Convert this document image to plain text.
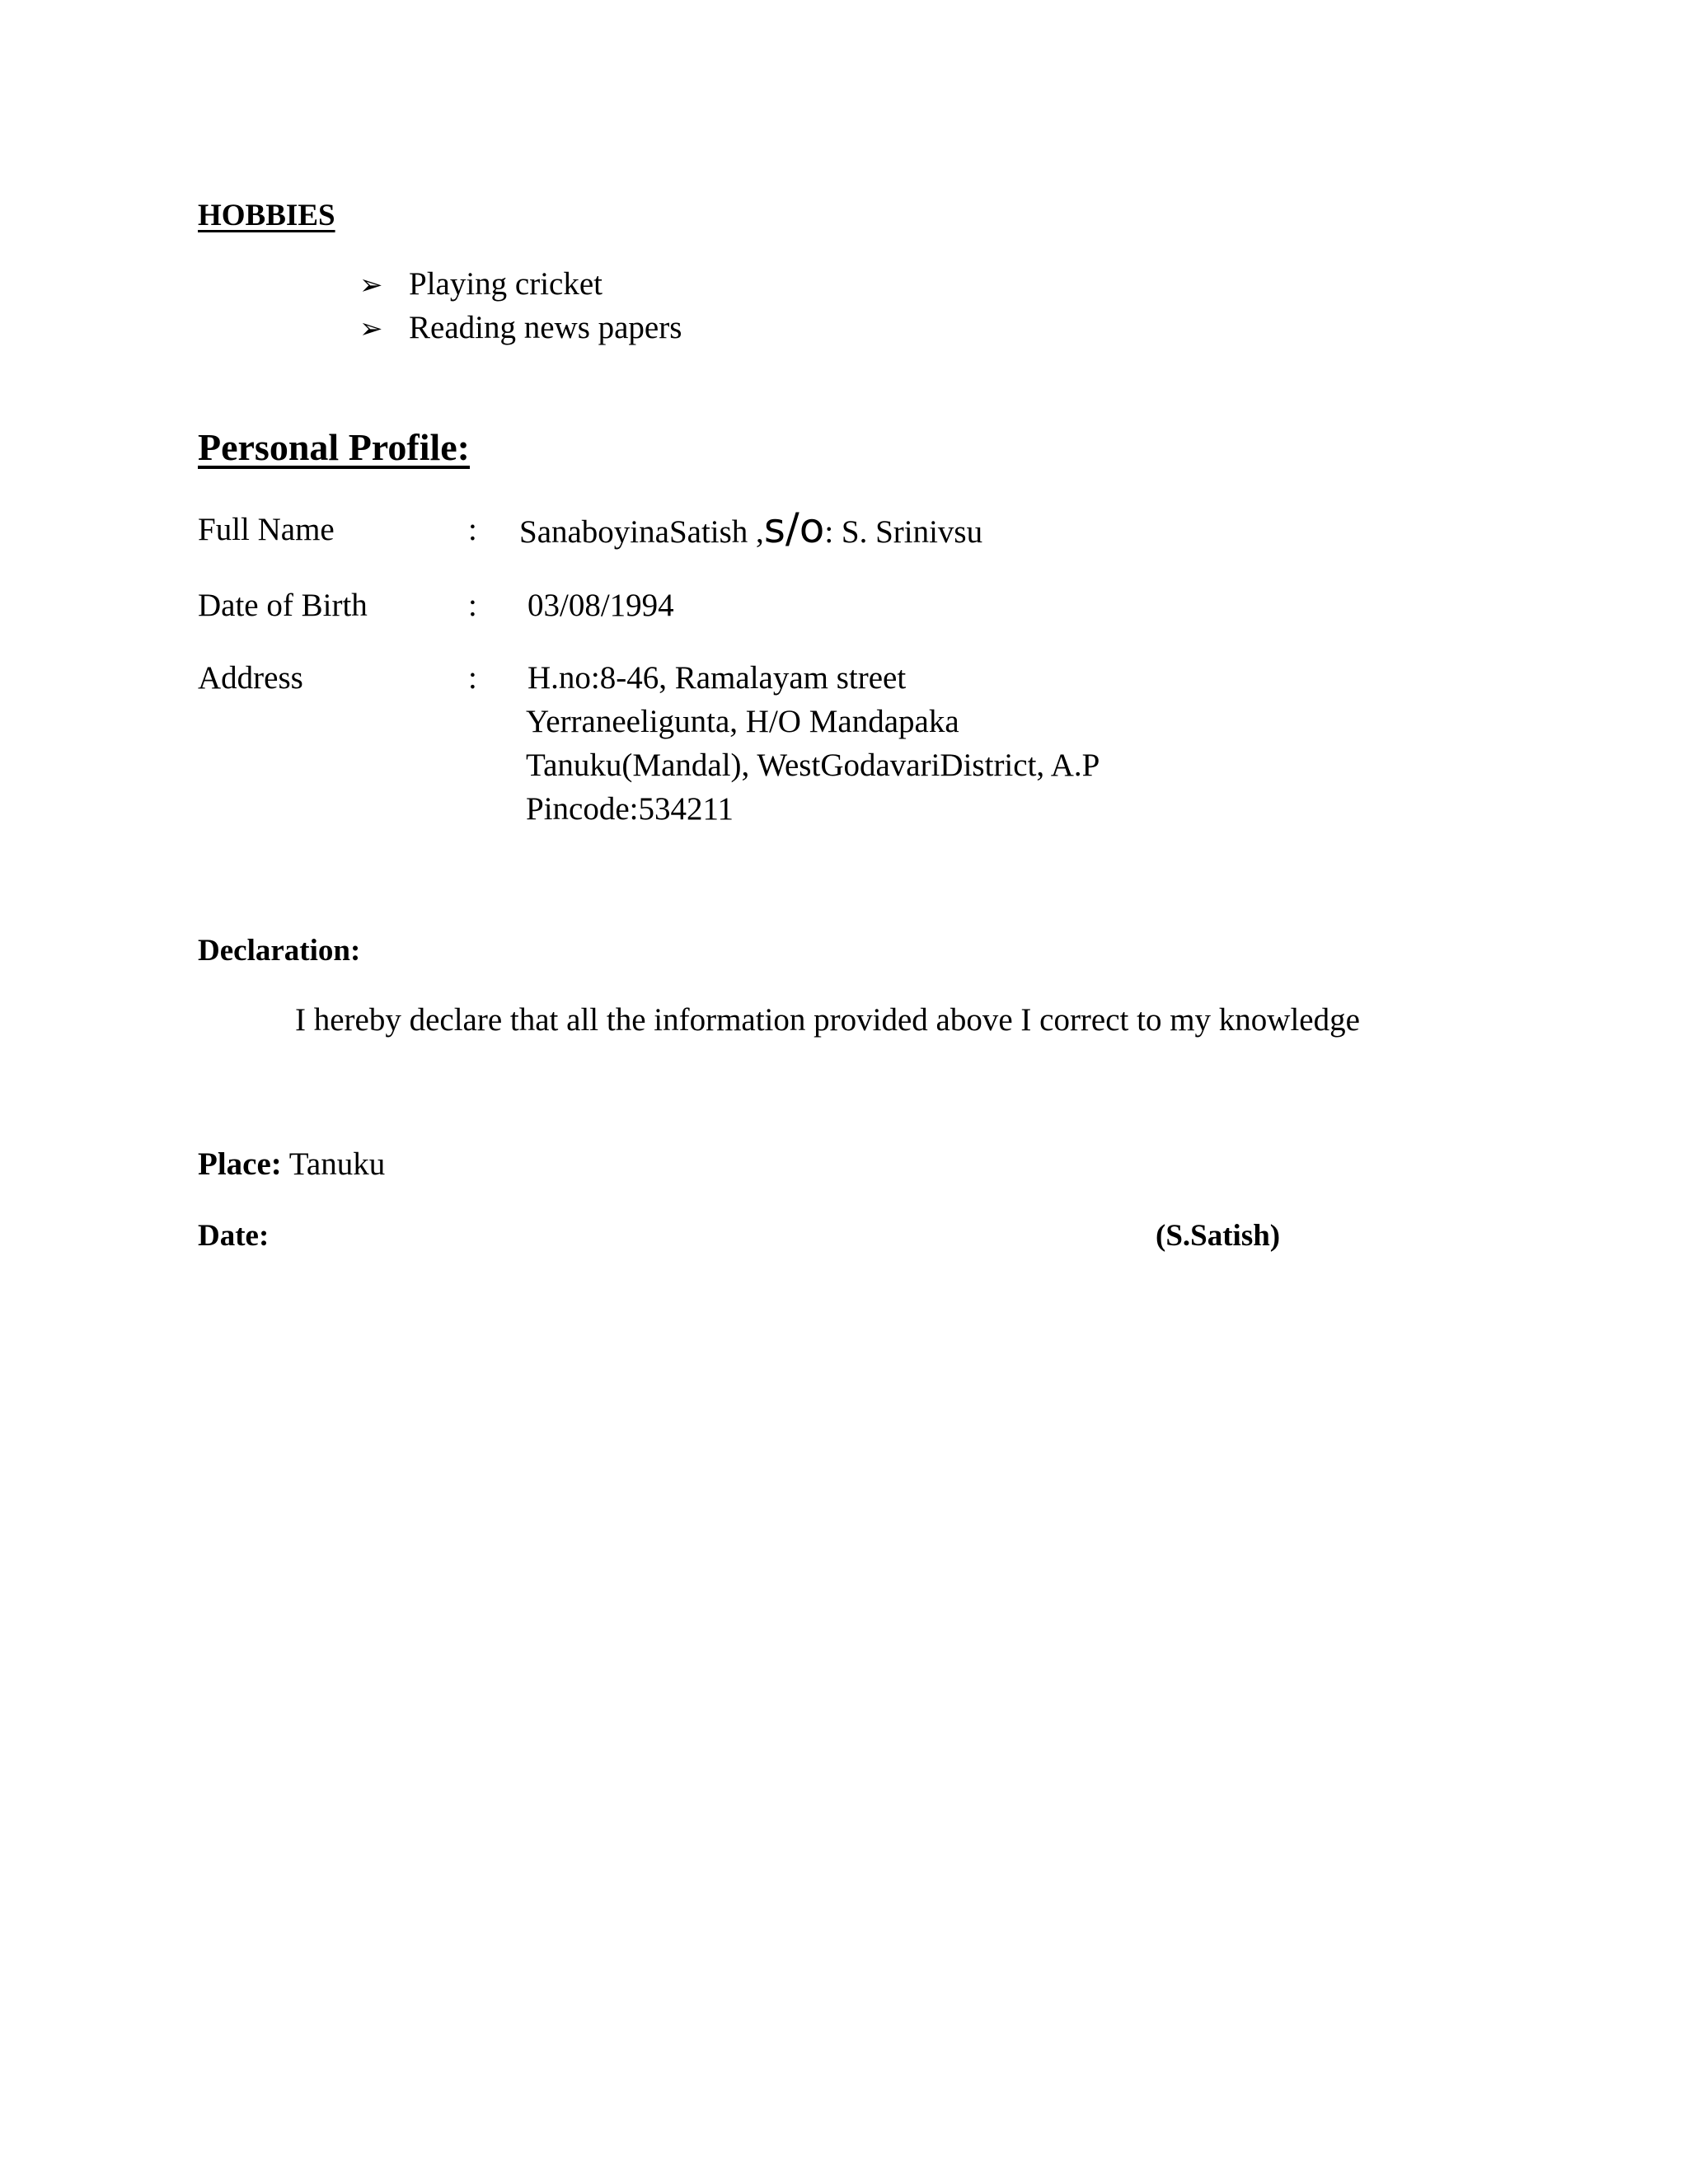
HOBBIES
➢ Playing cricket
➢ Reading news papers
Personal Profile:
Full Name	: SanaboyinaSatish ,s/o: S. Srinivsu
Date of Birth	: 03/08/1994
Address	: H.no:8-46, Ramalayam street
Yerraneeligunta, H/O Mandapaka
Tanuku(Mandal), WestGodavariDistrict, A.P
Pincode:534211
Declaration:
I hereby declare that all the information provided above I correct to my knowledge
Place: Tanuku
Date:	(S.Satish)
